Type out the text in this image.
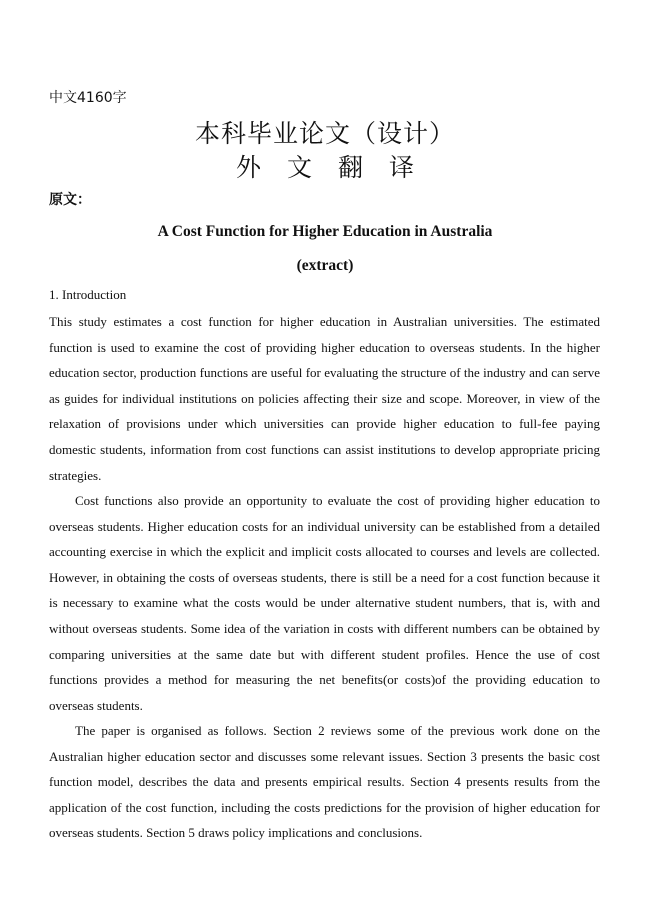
中文4160字
本科毕业论文（设计）
外 文 翻 译
原文：
A Cost Function for Higher Education in Australia
(extract)
1. Introduction

This study estimates a cost function for higher education in Australian universities. The estimated function is used to examine the cost of providing higher education to overseas students. In the higher education sector, production functions are useful for evaluating the structure of the industry and can serve as guides for individual institutions on policies affecting their size and scope. Moreover, in view of the relaxation of provisions under which universities can provide higher education to full-fee paying domestic students, information from cost functions can assist institutions to develop appropriate pricing strategies.

Cost functions also provide an opportunity to evaluate the cost of providing higher education to overseas students. Higher education costs for an individual university can be established from a detailed accounting exercise in which the explicit and implicit costs allocated to courses and levels are collected. However, in obtaining the costs of overseas students, there is still be a need for a cost function because it is necessary to examine what the costs would be under alternative student numbers, that is, with and without overseas students. Some idea of the variation in costs with different numbers can be obtained by comparing universities at the same date but with different student profiles. Hence the use of cost functions provides a method for measuring the net benefits(or costs)of the providing education to overseas students.

The paper is organised as follows. Section 2 reviews some of the previous work done on the Australian higher education sector and discusses some relevant issues. Section 3 presents the basic cost function model, describes the data and presents empirical results. Section 4 presents results from the application of the cost function, including the costs predictions for the provision of higher education for overseas students. Section 5 draws policy implications and conclusions.
